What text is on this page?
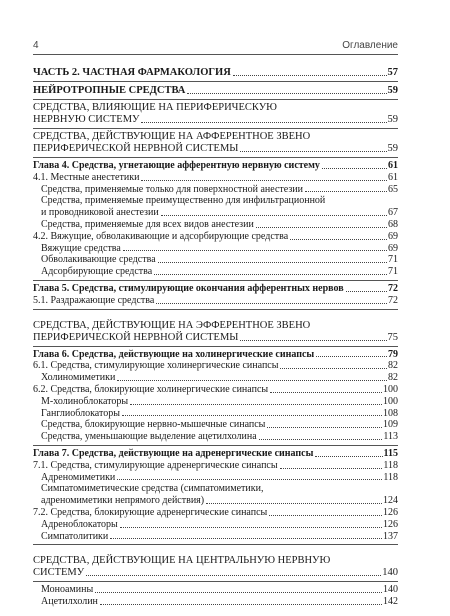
4	Оглавление
ЧАСТЬ 2. ЧАСТНАЯ ФАРМАКОЛОГИЯ	57
НЕЙРОТРОПНЫЕ СРЕДСТВА	59
СРЕДСТВА, ВЛИЯЮЩИЕ НА ПЕРИФЕРИЧЕСКУЮ
НЕРВНУЮ СИСТЕМУ	59
СРЕДСТВА, ДЕЙСТВУЮЩИЕ НА АФФЕРЕНТНОЕ ЗВЕНО
ПЕРИФЕРИЧЕСКОЙ НЕРВНОЙ СИСТЕМЫ	59
Глава 4. Средства, угнетающие афферентную нервную систему	61
4.1. Местные анестетики	61
Средства, применяемые только для поверхностной анестезии	65
Средства, применяемые преимущественно для инфильтрационной
и проводниковой анестезии	67
Средства, применяемые для всех видов анестезии	68
4.2. Вяжущие, обволакивающие и адсорбирующие средства	69
Вяжущие средства	69
Обволакивающие средства	71
Адсорбирующие средства	71
Глава 5. Средства, стимулирующие окончания афферентных нервов	72
5.1. Раздражающие средства	72
СРЕДСТВА, ДЕЙСТВУЮЩИЕ НА ЭФФЕРЕНТНОЕ ЗВЕНО
ПЕРИФЕРИЧЕСКОЙ НЕРВНОЙ СИСТЕМЫ	75
Глава 6. Средства, действующие на холинергические синапсы	79
6.1. Средства, стимулирующие холинергические синапсы	82
Холиномиметики	82
6.2. Средства, блокирующие холинергические синапсы	100
М-холиноблокаторы	100
Ганглиоблокаторы	108
Средства, блокирующие нервно-мышечные синапсы	109
Средства, уменьшающие выделение ацетилхолина	113
Глава 7. Средства, действующие на адренергические синапсы	115
7.1. Средства, стимулирующие адренергические синапсы	118
Адреномиметики	118
Симпатомиметические средства (симпатомиметики,
адреномиметики непрямого действия)	124
7.2. Средства, блокирующие адренергические синапсы	126
Адреноблокаторы	126
Симпатолитики	137
СРЕДСТВА, ДЕЙСТВУЮЩИЕ НА ЦЕНТРАЛЬНУЮ НЕРВНУЮ
СИСТЕМУ	140
Моноамины	140
Ацетилхолин	142
